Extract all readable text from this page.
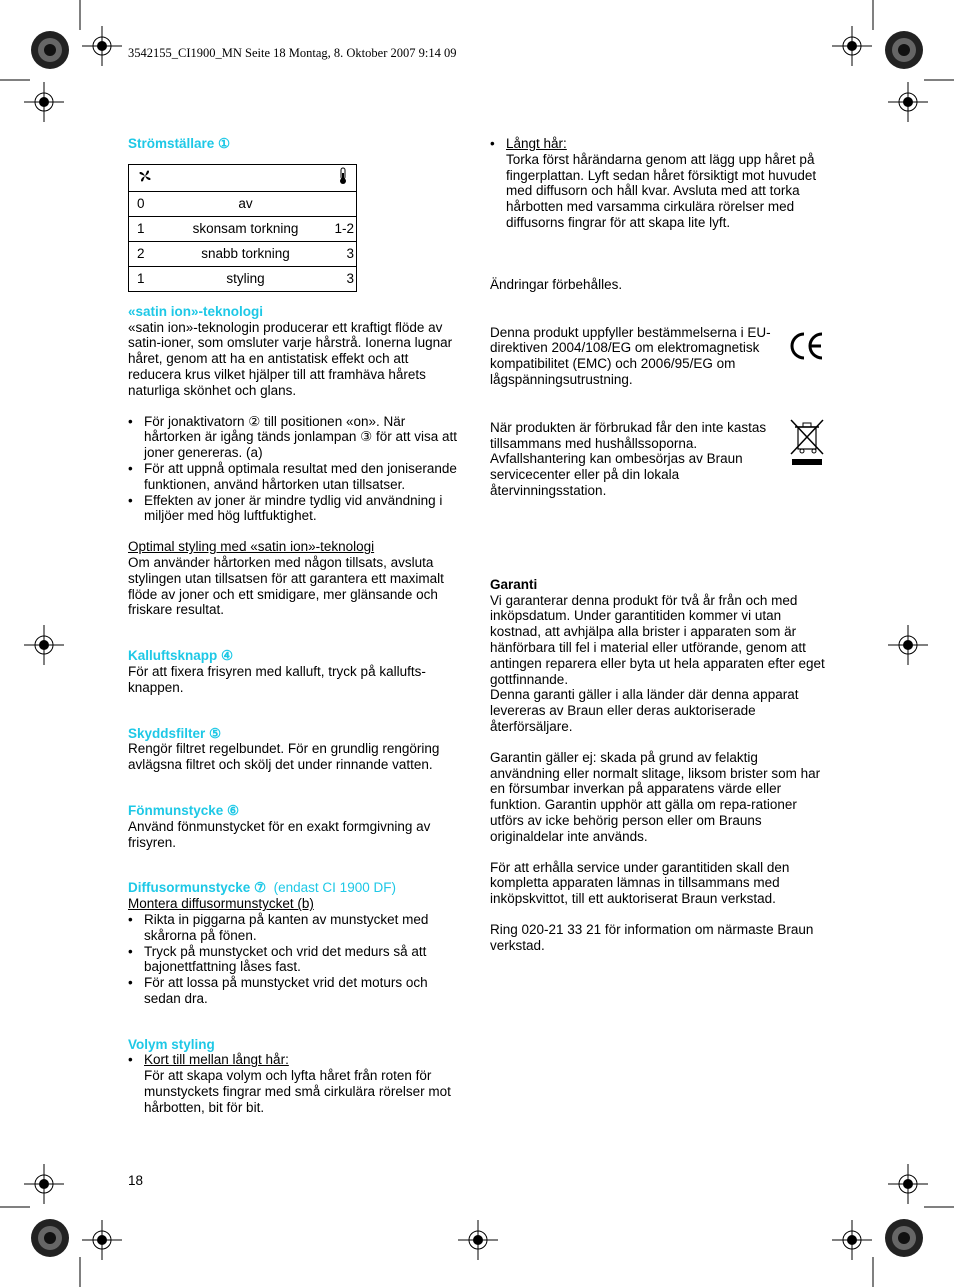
3542155_CI1900_MN Seite 18 Montag, 8. Oktober 2007 9:14 09

Strömställare ①

0	av

1	skonsam torkning	1-2

2	snabb torkning	3

1	styling	3

«satin ion»-teknologi

«satin ion»-teknologin producerar ett kraftigt flöde av satin-ioner, som omsluter varje hårstrå. Ionerna lugnar håret, genom att ha en antistatisk effekt och att reducera krus vilket hjälper till att framhäva hårets naturliga skönhet och glans.

• För jonaktivatorn ② till positionen «on». När hårtorken är igång tänds jonlampan ③ för att visa att joner genereras. (a)
• För att uppnå optimala resultat med den joniserande funktionen, använd hårtorken utan tillsatser.
• Effekten av joner är mindre tydlig vid användning i miljöer med hög luftfuktighet.

Optimal styling med «satin ion»-teknologi

Om använder hårtorken med någon tillsats, avsluta stylingen utan tillsatsen för att garantera ett maximalt flöde av joner och ett smidigare, mer glänsande och friskare resultat.

Kalluftsknapp ④

För att fixera frisyren med kalluft, tryck på kallufts-knappen.

Skyddsfilter ⑤

Rengör filtret regelbundet. För en grundlig rengöring avlägsna filtret och skölj det under rinnande vatten.

Fönmunstycke ⑥

Använd fönmunstycket för en exakt formgivning av frisyren.

Diffusormunstycke ⑦ (endast CI 1900 DF)

Montera diffusormunstycket (b)

• Rikta in piggarna på kanten av munstycket med skårorna på fönen.
• Tryck på munstycket och vrid det medurs så att bajonettfattning låses fast.
• För att lossa på munstycket vrid det moturs och sedan dra.

Volym styling

• Kort till mellan långt hår:
För att skapa volym och lyfta håret från roten för munstyckets fingrar med små cirkulära rörelser mot hårbotten, bit för bit.
• Långt hår:
Torka först hårändarna genom att lägg upp håret på fingerplattan. Lyft sedan håret försiktigt mot huvudet med diffusorn och håll kvar. Avsluta med att torka hårbotten med varsamma cirkulära rörelser med diffusorns fingrar för att skapa lite lyft.

Ändringar förbehålles.

Denna produkt uppfyller bestämmelserna i EU-direktiven 2004/108/EG om elektromagnetisk kompatibilitet (EMC) och 2006/95/EG om lågspänningsutrustning.

När produkten är förbrukad får den inte kastas tillsammans med hushållssoporna. Avfallshantering kan ombesörjas av Braun servicecenter eller på din lokala återvinningsstation.

Garanti

Vi garanterar denna produkt för två år från och med inköpsdatum. Under garantitiden kommer vi utan kostnad, att avhjälpa alla brister i apparaten som är hänförbara till fel i material eller utförande, genom att antingen reparera eller byta ut hela apparaten efter eget gottfinnande.

Denna garanti gäller i alla länder där denna apparat levereras av Braun eller deras auktoriserade återförsäljare.

Garantin gäller ej: skada på grund av felaktig användning eller normalt slitage, liksom brister som har en försumbar inverkan på apparatens värde eller funktion. Garantin upphör att gälla om repa-rationer utförs av icke behörig person eller om Brauns originaldelar inte används.

För att erhålla service under garantitiden skall den kompletta apparaten lämnas in tillsammans med inköpskvittot, till ett auktoriserat Braun verkstad.

Ring 020-21 33 21 för information om närmaste Braun verkstad.

18
